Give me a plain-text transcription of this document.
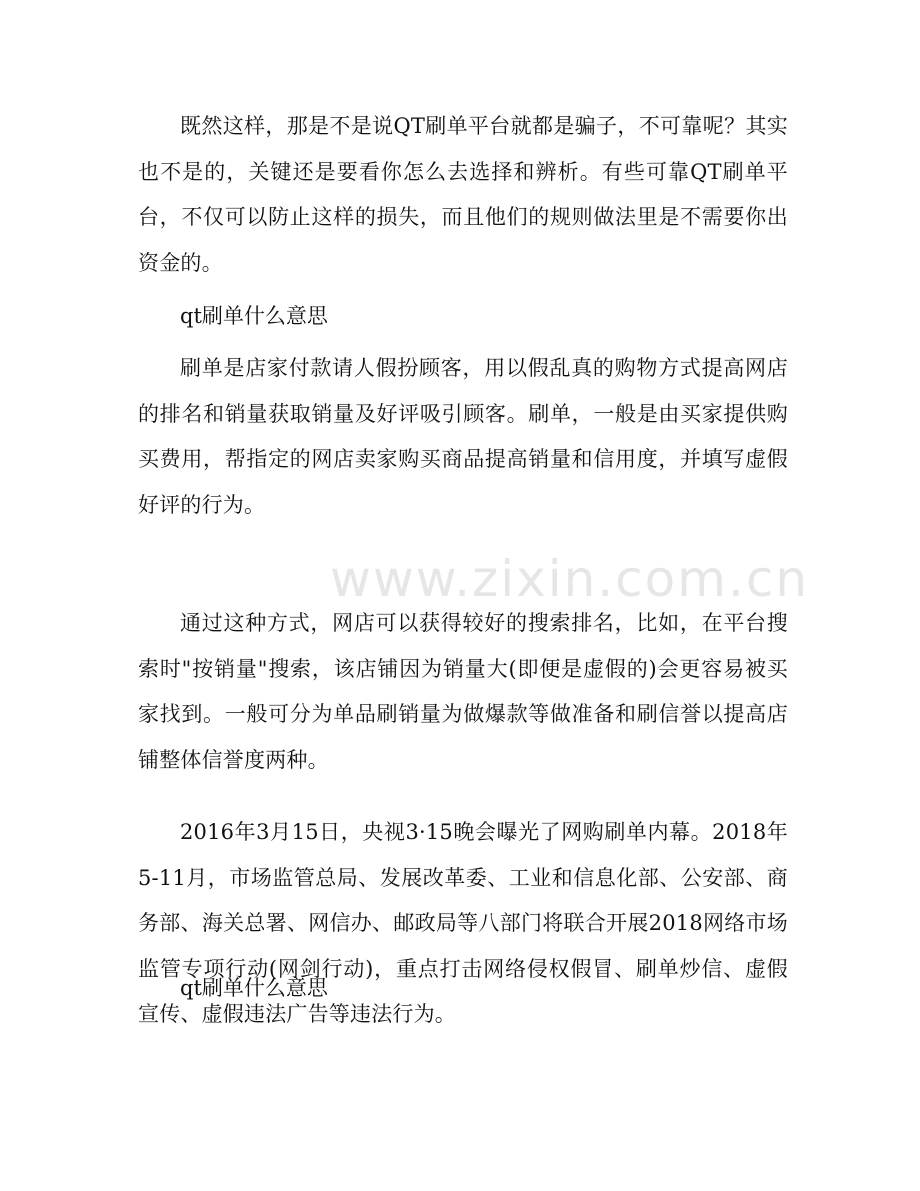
www.zixin.com.cn

既然这样，那是不是说QT刷单平台就都是骗子，不可靠呢？其实也不是的，关键还是要看你怎么去选择和辨析。有些可靠QT刷单平台，不仅可以防止这样的损失，而且他们的规则做法里是不需要你出资金的。

qt刷单什么意思

刷单是店家付款请人假扮顾客，用以假乱真的购物方式提高网店的排名和销量获取销量及好评吸引顾客。刷单，一般是由买家提供购买费用，帮指定的网店卖家购买商品提高销量和信用度，并填写虚假好评的行为。

通过这种方式，网店可以获得较好的搜索排名，比如，在平台搜索时"按销量"搜索，该店铺因为销量大(即便是虚假的)会更容易被买家找到。一般可分为单品刷销量为做爆款等做准备和刷信誉以提高店铺整体信誉度两种。

2016年3月15日，央视3·15晚会曝光了网购刷单内幕。2018年5-11月，市场监管总局、发展改革委、工业和信息化部、公安部、商务部、海关总署、网信办、邮政局等八部门将联合开展2018网络市场监管专项行动(网剑行动)，重点打击网络侵权假冒、刷单炒信、虚假宣传、虚假违法广告等违法行为。

qt刷单什么意思
